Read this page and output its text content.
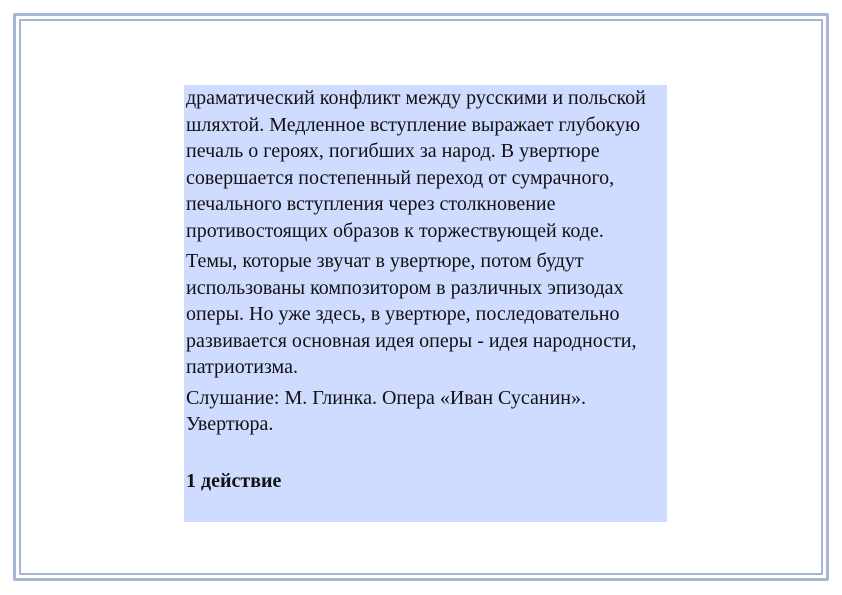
драматический конфликт между русскими и польской шляхтой. Медленное вступление выражает глубокую печаль о героях, погибших за народ. В увертюре совершается постепенный переход от сумрачного, печального вступления через столкновение противостоящих образов к торжествующей коде.

Темы, которые звучат в увертюре, потом будут использованы композитором в различных эпизодах оперы. Но уже здесь, в увертюре, последовательно развивается основная идея оперы - идея народности, патриотизма.

Слушание: М. Глинка. Опера «Иван Сусанин». Увертюра.

1 действие
